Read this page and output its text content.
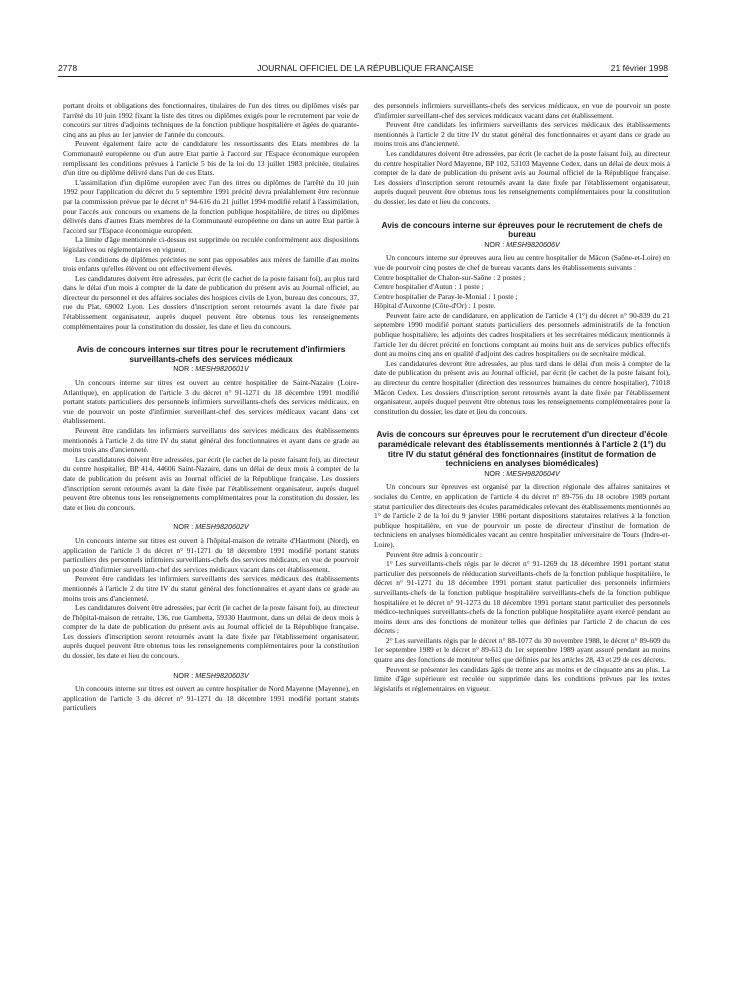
2778	JOURNAL OFFICIEL DE LA RÉPUBLIQUE FRANÇAISE	21 février 1998

portant droits et obligations des fonctionnaires, titulaires de l'un des titres ou diplômes visés par l'arrêté du 10 juin 1992 fixant la liste des titres ou diplômes exigés pour le recrutement par voie de concours sur titres d'adjoints techniques de la fonction publique hospitalière et âgées de quarante-cinq ans au plus au 1er janvier de l'année du concours.

Peuvent également faire acte de candidature les ressortissants des Etats membres de la Communauté européenne ou d'un autre Etat partie à l'accord sur l'Espace économique européen remplissant les conditions prévues à l'article 5 bis de la loi du 13 juillet 1983 précitée, titulaires d'un titre ou diplôme délivré dans l'un de ces Etats.

L'assimilation d'un diplôme européen avec l'un des titres ou diplômes de l'arrêté du 10 juin 1992 pour l'application du décret du 5 septembre 1991 précité devra préalablement être reconnue par la commission prévue par le décret n° 94-616 du 21 juillet 1994 modifié relatif à l'assimilation, pour l'accès aux concours ou examens de la fonction publique hospitalière, de titres ou diplômes délivrés dans d'autres Etats membres de la Communauté européenne ou dans un autre Etat partie à l'accord sur l'Espace économique européen.

La limite d'âge mentionnée ci-dessus est supprimée ou reculée conformément aux dispositions législatives ou réglementaires en vigueur.

Les conditions de diplômes précitées ne sont pas opposables aux mères de famille d'au moins trois enfants qu'elles élèvent ou ont effectivement élevés.

Les candidatures doivent être adressées, par écrit (le cachet de la poste faisant foi), au plus tard dans le délai d'un mois à compter de la date de publication du présent avis au Journal officiel, au directeur du personnel et des affaires sociales des hospices civils de Lyon, bureau des concours, 37, rue du Plat, 69002 Lyon. Les dossiers d'inscription seront retournés avant la date fixée par l'établissement organisateur, auprès duquel peuvent être obtenus tous les renseignements complémentaires pour la constitution du dossier, les date et lieu du concours.

Avis de concours internes sur titres pour le recrutement d'infirmiers surveillants-chefs des services médicaux

NOR : MESH9820601V

Un concours interne sur titres est ouvert au centre hospitalier de Saint-Nazaire (Loire-Atlantique), en application de l'article 3 du décret n° 91-1271 du 18 décembre 1991 modifié portant statuts particuliers des personnels infirmiers surveillants-chefs des services médicaux, en vue de pourvoir un poste d'infirmier surveillant-chef des services médicaux vacant dans cet établissement.

Peuvent être candidats les infirmiers surveillants des services médicaux des établissements mentionnés à l'article 2 du titre IV du statut général des fonctionnaires et ayant dans ce grade au moins trois ans d'ancienneté.

Les candidatures doivent être adressées, par écrit (le cachet de la poste faisant foi), au directeur du centre hospitalier, BP 414, 44606 Saint-Nazaire, dans un délai de deux mois à compter de la date de publication du présent avis au Journal officiel de la République française. Les dossiers d'inscription seront retournés avant la date fixée par l'établissement organisateur, auprès duquel peuvent être obtenus tous les renseignements complémentaires pour la constitution du dossier, les date et lieu du concours.

NOR : MESH9820602V

Un concours interne sur titres est ouvert à l'hôpital-maison de retraite d'Hautmont (Nord), en application de l'article 3 du décret n° 91-1271 du 18 décembre 1991 modifié portant statuts particuliers des personnels infirmiers surveillants-chefs des services médicaux, en vue de pourvoir un poste d'infirmier surveillant-chef des services médicaux vacant dans cet établissement.

Peuvent être candidats les infirmiers surveillants des services médicaux des établissements mentionnés à l'article 2 du titre IV du statut général des fonctionnaires et ayant dans ce grade au moins trois ans d'ancienneté.

Les candidatures doivent être adressées, par écrit (le cachet de la poste faisant foi), au directeur de l'hôpital-maison de retraite, 136, rue Gambetta, 59330 Hautmont, dans un délai de deux mois à compter de la date de publication du présent avis au Journal officiel de la République française. Les dossiers d'inscription seront retournés avant la date fixée par l'établissement organisateur, auprès duquel peuvent être obtenus tous les renseignements complémentaires pour la constitution du dossier, les date et lieu du concours.

NOR : MESH9820603V

Un concours interne sur titres est ouvert au centre hospitalier de Nord Mayenne (Mayenne), en application de l'article 3 du décret n° 91-1271 du 18 décembre 1991 modifié portant statuts particuliers

des personnels infirmiers surveillants-chefs des services médicaux, en vue de pourvoir un poste d'infirmier surveillant-chef des services médicaux vacant dans cet établissement.

Peuvent être candidats les infirmiers surveillants des services médicaux des établissements mentionnés à l'article 2 du titre IV du statut général des fonctionnaires et ayant dans ce grade au moins trois ans d'ancienneté.

Les candidatures doivent être adressées, par écrit (le cachet de la poste faisant foi), au directeur du centre hospitalier Nord Mayenne, BP 102, 53103 Mayenne Cedex, dans un délai de deux mois à compter de la date de publication du présent avis au Journal officiel de la République française. Les dossiers d'inscription seront retournés avant la date fixée par l'établissement organisateur, auprès duquel peuvent être obtenus tous les renseignements complémentaires pour la constitution du dossier, les date et lieu du concours.

Avis de concours interne sur épreuves pour le recrutement de chefs de bureau

NOR : MESH9820606V

Un concours interne sur épreuves aura lieu au centre hospitalier de Mâcon (Saône-et-Loire) en vue de pourvoir cinq postes de chef de bureau vacants dans les établissements suivants :

Centre hospitalier de Chalon-sur-Saône : 2 postes ;

Centre hospitalier d'Autun : 1 poste ;

Centre hospitalier de Paray-le-Monial : 1 poste ;

Hôpital d'Auxonne (Côte-d'Or) : 1 poste.

Peuvent faire acte de candidature, en application de l'article 4 (1°) du décret n° 90-839 du 21 septembre 1990 modifié portant statuts particuliers des personnels administratifs de la fonction publique hospitalière, les adjoints des cadres hospitaliers et les secrétaires médicaux mentionnés à l'article 1er du décret précité en fonctions comptant au moins huit ans de services publics effectifs dont au moins cinq ans en qualité d'adjoint des cadres hospitaliers ou de secrétaire médical.

Les candidatures devront être adressées, au plus tard dans le délai d'un mois à compter de la date de publication du présent avis au Journal officiel, par écrit (le cachet de la poste faisant foi), au directeur du centre hospitalier (direction des ressources humaines du centre hospitalier), 71018 Mâcon Cedex. Les dossiers d'inscription seront retournés avant la date fixée par l'établissement organisateur, auprès duquel peuvent être obtenus tous les renseignements complémentaires pour la constitution du dossier, les date et lieu du concours.

Avis de concours sur épreuves pour le recrutement d'un directeur d'école paramédicale relevant des établissements mentionnés à l'article 2 (1°) du titre IV du statut général des fonctionnaires (institut de formation de techniciens en analyses biomédicales)

NOR : MESH9820604V

Un concours sur épreuves est organisé par la direction régionale des affaires sanitaires et sociales du Centre, en application de l'article 4 du décret n° 89-756 du 18 octobre 1989 portant statut particulier des directeurs des écoles paramédicales relevant des établissements mentionnés au 1° de l'article 2 de la loi du 9 janvier 1986 portant dispositions statutaires relatives à la fonction publique hospitalière, en vue de pourvoir un poste de directeur d'institut de formation de techniciens en analyses biomédicales vacant au centre hospitalier universitaire de Tours (Indre-et-Loire).

Peuvent être admis à concourir :

1° Les surveillants-chefs régis par le décret n° 91-1269 du 18 décembre 1991 portant statut particulier des personnels de rééducation surveillants-chefs de la fonction publique hospitalière, le décret n° 91-1271 du 18 décembre 1991 portant statut particulier des personnels infirmiers surveillants-chefs de la fonction publique hospitalière surveillants-chefs de la fonction publique hospitalière et le décret n° 91-1273 du 18 décembre 1991 portant statut particulier des personnels médico-techniques surveillants-chefs de la fonction publique hospitalière ayant exercé pendant au moins deux ans des fonctions de moniteur telles que définies par l'article 2 de chacun de ces décrets ;

2° Les surveillants régis par le décret n° 88-1077 du 30 novembre 1988, le décret n° 89-609 du 1er septembre 1989 et le décret n° 89-613 du 1er septembre 1989 ayant assuré pendant au moins quatre ans des fonctions de moniteur telles que définies par les articles 28, 43 et 29 de ces décrets.

Peuvent se présenter les candidats âgés de trente ans au moins et de cinquante ans au plus. La limite d'âge supérieure est reculée ou supprimée dans les conditions prévues par les textes législatifs et réglementaires en vigueur.
